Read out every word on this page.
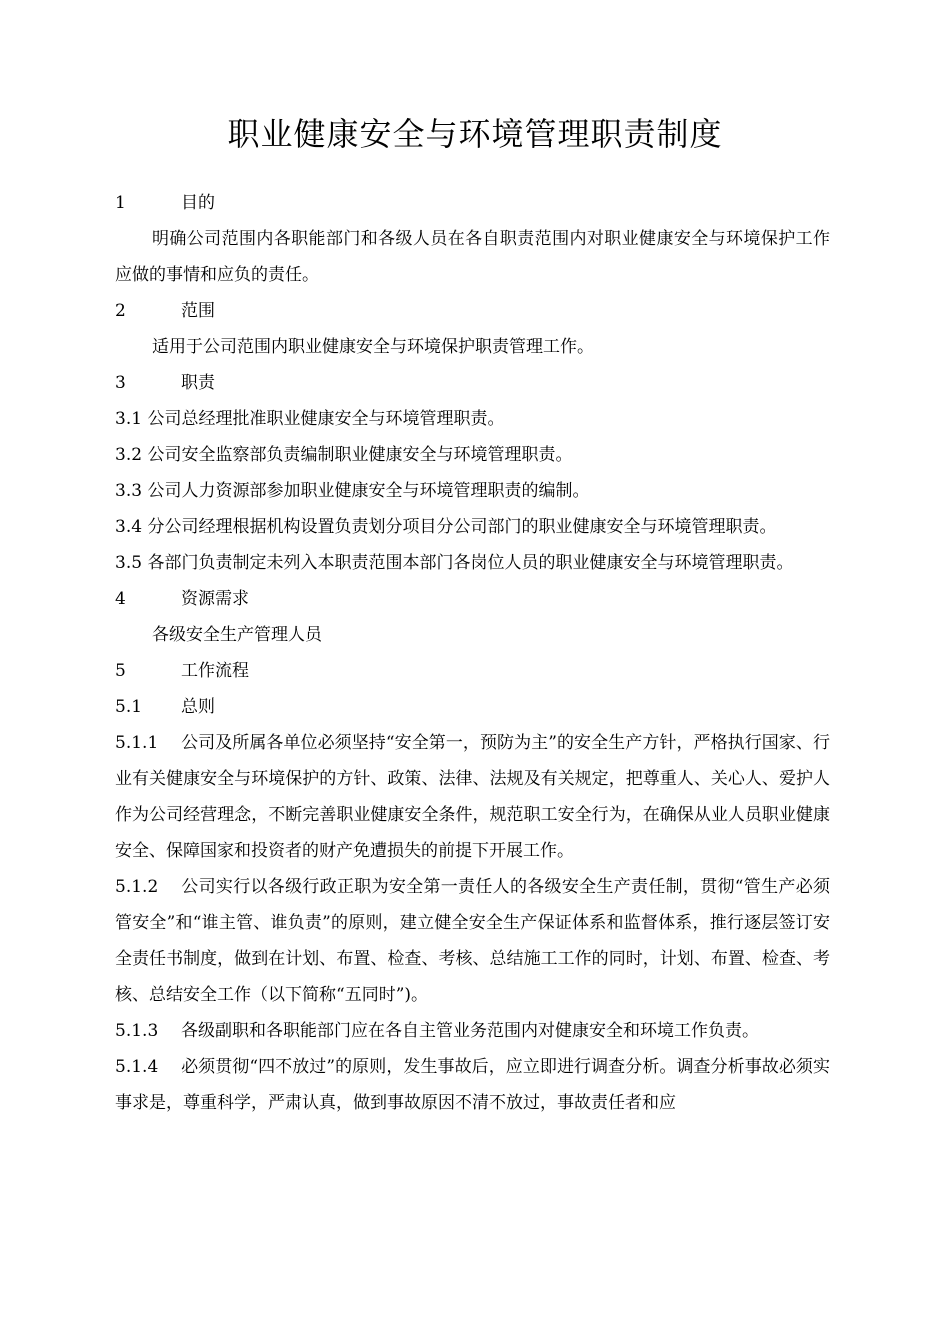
职业健康安全与环境管理职责制度

1	目的

明确公司范围内各职能部门和各级人员在各自职责范围内对职业健康安全与环境保护工作应做的事情和应负的责任。

2	范围

适用于公司范围内职业健康安全与环境保护职责管理工作。

3	职责

3.1 公司总经理批准职业健康安全与环境管理职责。

3.2 公司安全监察部负责编制职业健康安全与环境管理职责。

3.3 公司人力资源部参加职业健康安全与环境管理职责的编制。

3.4 分公司经理根据机构设置负责划分项目分公司部门的职业健康安全与环境管理职责。

3.5 各部门负责制定未列入本职责范围本部门各岗位人员的职业健康安全与环境管理职责。

4	资源需求

各级安全生产管理人员

5	工作流程

5.1 总则

5.1.1 公司及所属各单位必须坚持“安全第一，预防为主”的安全生产方针，严格执行国家、行业有关健康安全与环境保护的方针、政策、法律、法规及有关规定，把尊重人、关心人、爱护人作为公司经营理念，不断完善职业健康安全条件，规范职工安全行为，在确保从业人员职业健康安全、保障国家和投资者的财产免遭损失的前提下开展工作。

5.1.2 公司实行以各级行政正职为安全第一责任人的各级安全生产责任制，贯彻“管生产必须管安全”和“谁主管、谁负责”的原则，建立健全安全生产保证体系和监督体系，推行逐层签订安全责任书制度，做到在计划、布置、检查、考核、总结施工工作的同时，计划、布置、检查、考核、总结安全工作（以下简称“五同时”)。

5.1.3 各级副职和各职能部门应在各自主管业务范围内对健康安全和环境工作负责。

5.1.4 必须贯彻“四不放过”的原则，发生事故后，应立即进行调查分析。调查分析事故必须实事求是，尊重科学，严肃认真，做到事故原因不清不放过，事故责任者和应
